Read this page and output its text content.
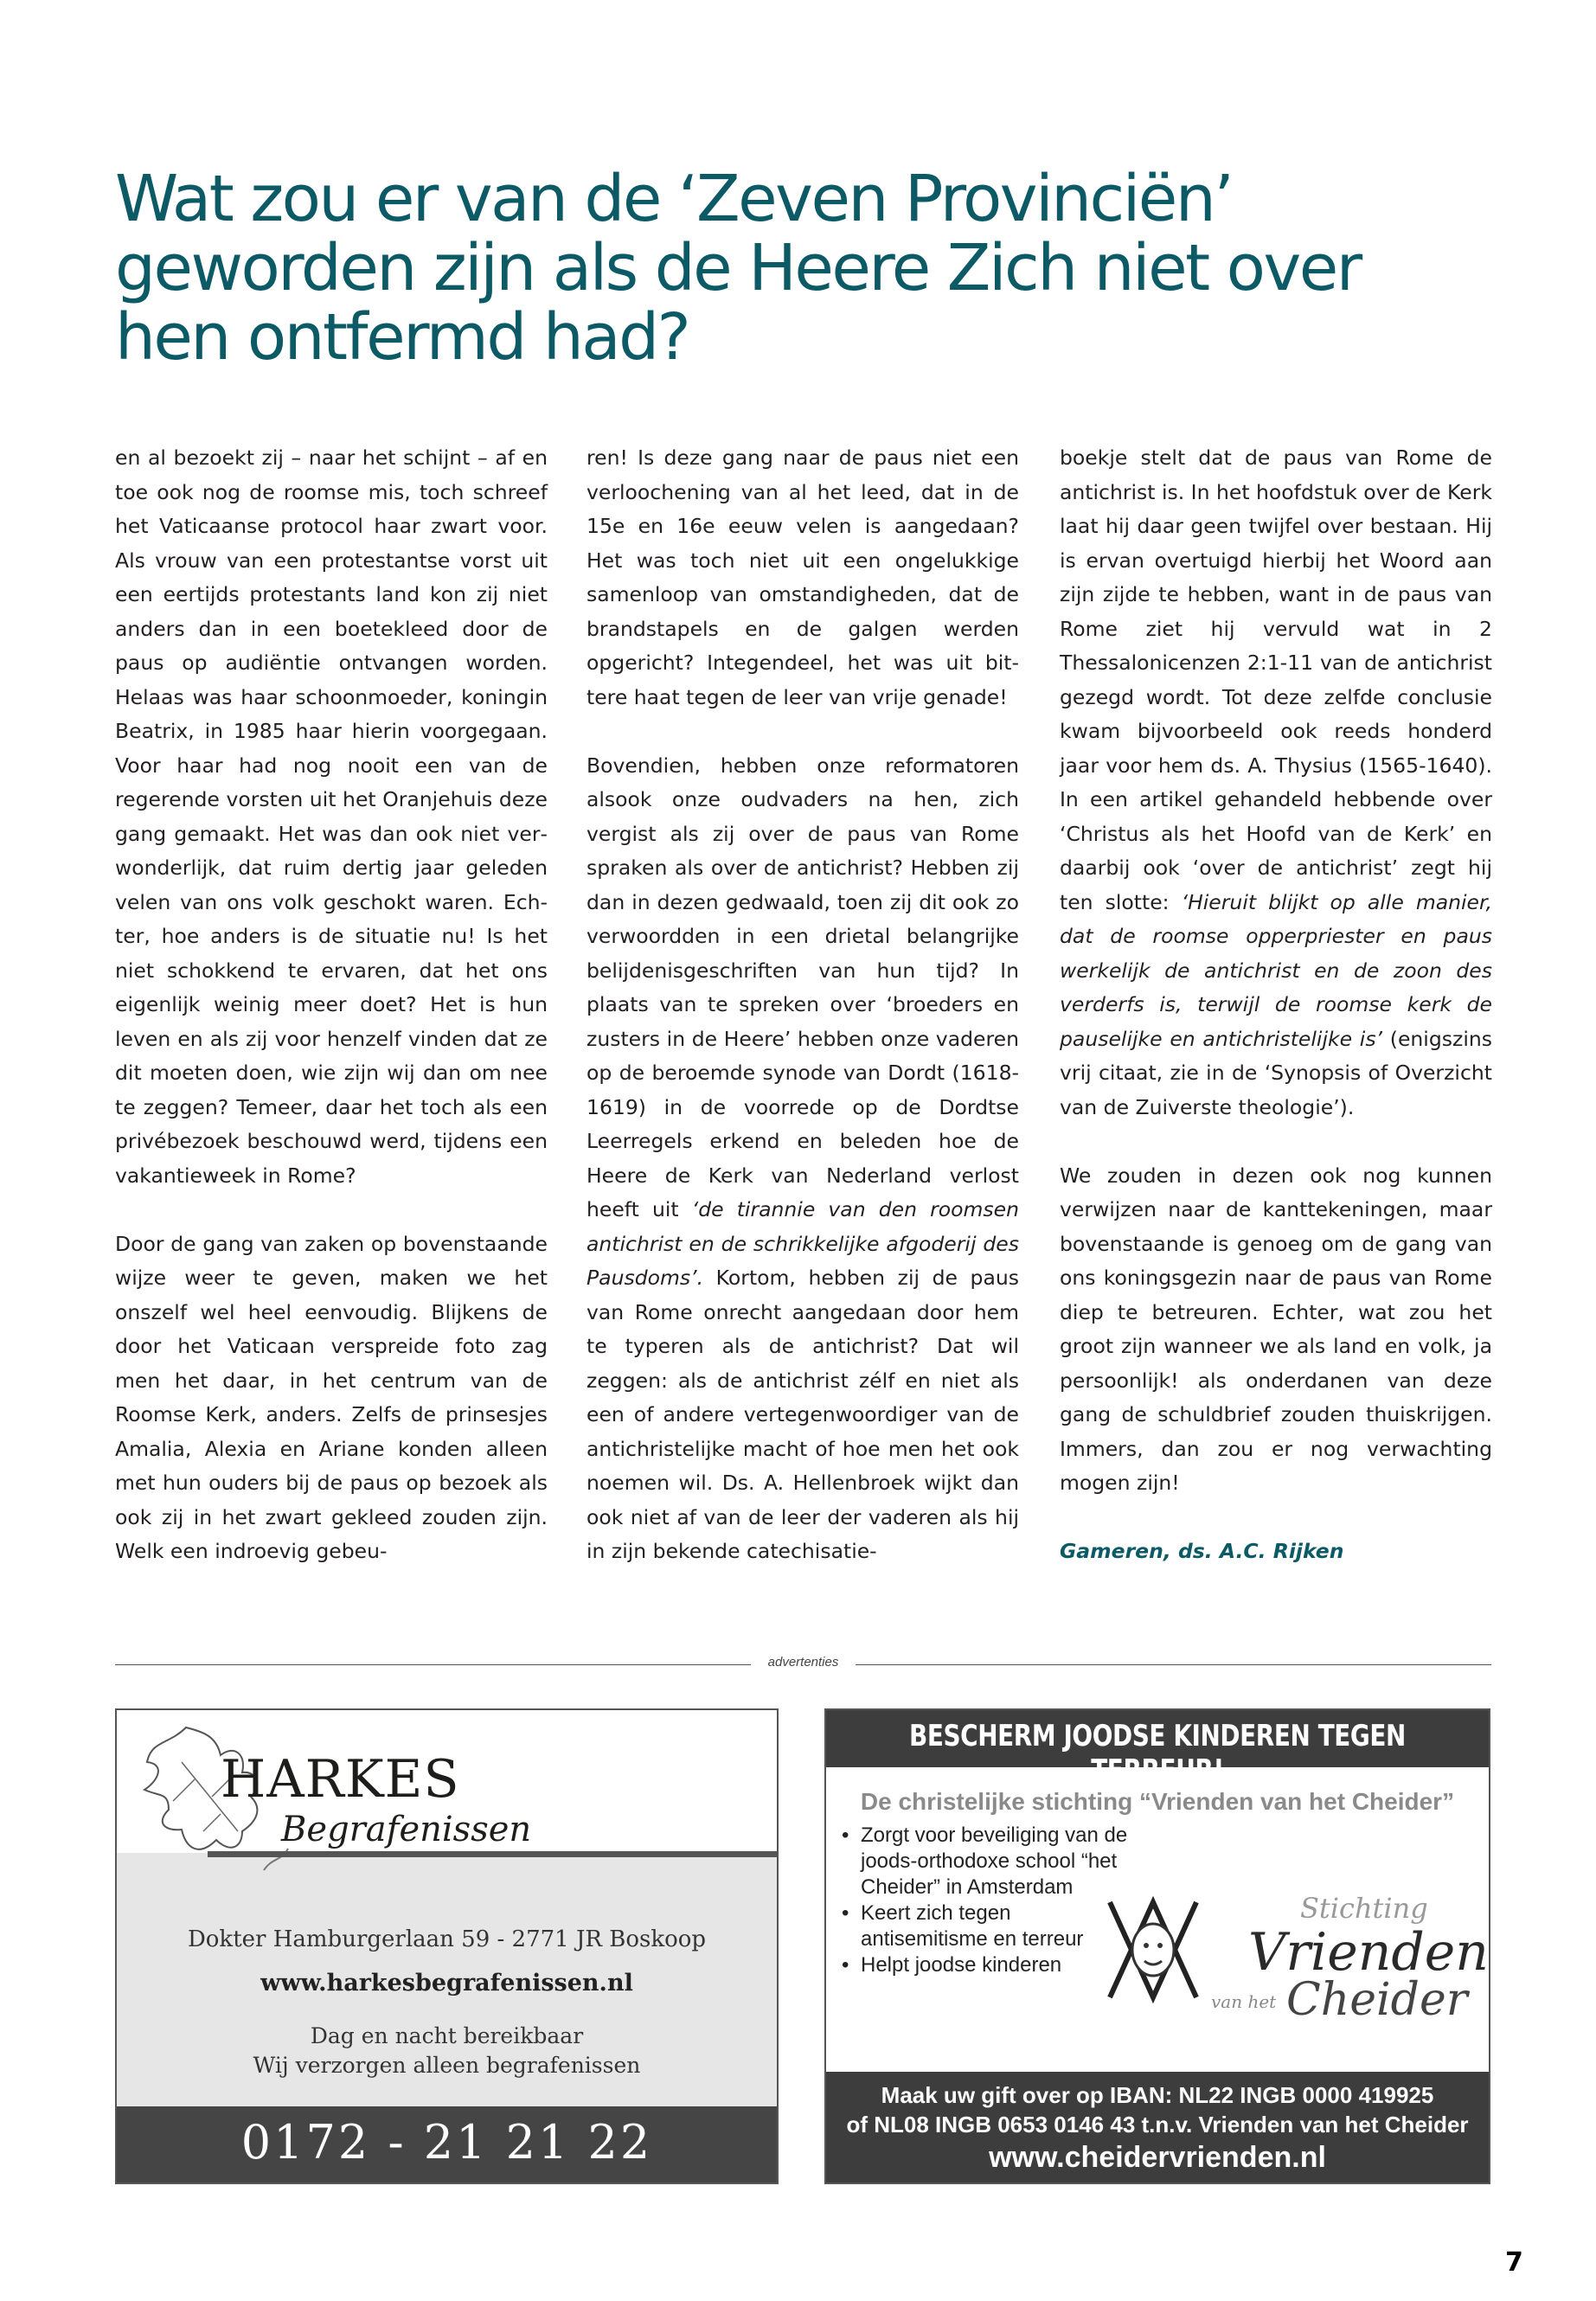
Wat zou er van de ‘Zeven Provinciën’
geworden zijn als de Heere Zich niet over
hen ontfermd had?

en al bezoekt zij – naar het schijnt – af en toe ook nog de roomse mis, toch schreef het Vaticaanse protocol haar zwart voor. Als vrouw van een protestantse vorst uit een eertijds protestants land kon zij niet anders dan in een boetekleed door de paus op audiëntie ontvangen worden. Helaas was haar schoonmoeder, koningin Beatrix, in 1985 haar hierin voorgegaan. Voor haar had nog nooit een van de regerende vorsten uit het Oranjehuis deze gang gemaakt. Het was dan ook niet verwonderlijk, dat ruim dertig jaar geleden velen van ons volk geschokt waren. Echter, hoe anders is de situatie nu! Is het niet schokkend te ervaren, dat het ons eigenlijk weinig meer doet? Het is hun leven en als zij voor henzelf vinden dat ze dit moeten doen, wie zijn wij dan om nee te zeggen? Temeer, daar het toch als een privébezoek beschouwd werd, tijdens een vakantieweek in Rome?

Door de gang van zaken op bovenstaande wijze weer te geven, maken we het onszelf wel heel eenvoudig. Blijkens de door het Vaticaan verspreide foto zag men het daar, in het centrum van de Roomse Kerk, anders. Zelfs de prinsesjes Amalia, Alexia en Ariane konden alleen met hun ouders bij de paus op bezoek als ook zij in het zwart gekleed zouden zijn. Welk een indroevig gebeu-

ren! Is deze gang naar de paus niet een verloochening van al het leed, dat in de 15e en 16e eeuw velen is aangedaan? Het was toch niet uit een ongelukkige samenloop van omstandigheden, dat de brandstapels en de galgen werden opgericht? Integendeel, het was uit bittere haat tegen de leer van vrije genade!

Bovendien, hebben onze reformatoren alsook onze oudvaders na hen, zich vergist als zij over de paus van Rome spraken als over de antichrist? Hebben zij dan in dezen gedwaald, toen zij dit ook zo verwoordden in een drietal belangrijke belijdenisgeschriften van hun tijd? In plaats van te spreken over ‘broeders en zusters in de Heere’ hebben onze vaderen op de beroemde synode van Dordt (1618-1619) in de voorrede op de Dordtse Leerregels erkend en beleden hoe de Heere de Kerk van Nederland verlost heeft uit ‘de tirannie van den roomsen antichrist en de schrikkelijke afgoderij des Pausdoms’. Kortom, hebben zij de paus van Rome onrecht aangedaan door hem te typeren als de antichrist? Dat wil zeggen: als de antichrist zélf en niet als een of andere vertegenwoordiger van de antichristelijke macht of hoe men het ook noemen wil. Ds. A. Hellenbroek wijkt dan ook niet af van de leer der vaderen als hij in zijn bekende catechisatie-

boekje stelt dat de paus van Rome de antichrist is. In het hoofdstuk over de Kerk laat hij daar geen twijfel over bestaan. Hij is ervan overtuigd hierbij het Woord aan zijn zijde te hebben, want in de paus van Rome ziet hij vervuld wat in 2 Thessalonicenzen 2:1-11 van de antichrist gezegd wordt. Tot deze zelfde conclusie kwam bijvoorbeeld ook reeds honderd jaar voor hem ds. A. Thysius (1565-1640). In een artikel gehandeld hebbende over ‘Christus als het Hoofd van de Kerk’ en daarbij ook ‘over de antichrist’ zegt hij ten slotte: ‘Hieruit blijkt op alle manier, dat de roomse opperpriester en paus werkelijk de antichrist en de zoon des verderfs is, terwijl de roomse kerk de pauselijke en antichristelijke is’ (enigszins vrij citaat, zie in de ‘Synopsis of Overzicht van de Zuiverste theologie’).

We zouden in dezen ook nog kunnen verwijzen naar de kanttekeningen, maar bovenstaande is genoeg om de gang van ons koningsgezin naar de paus van Rome diep te betreuren. Echter, wat zou het groot zijn wanneer we als land en volk, ja persoonlijk! als onderdanen van deze gang de schuldbrief zouden thuiskrijgen. Immers, dan zou er nog verwachting mogen zijn!

Gameren, ds. A.C. Rijken

advertenties
HARKES
Begrafenissen
Dokter Hamburgerlaan 59 - 2771 JR Boskoop
www.harkesbegrafenissen.nl
Dag en nacht bereikbaar
Wij verzorgen alleen begrafenissen
0172 - 21 21 22
BESCHERM JOODSE KINDEREN TEGEN TERREUR!
De christelijke stichting “Vrienden van het Cheider”
• Zorgt voor beveiliging van de joods-orthodoxe school “het Cheider” in Amsterdam
• Keert zich tegen antisemitisme en terreur
• Helpt joodse kinderen
Stichting
Vrienden
van het Cheider
Maak uw gift over op IBAN: NL22 INGB 0000 419925
of NL08 INGB 0653 0146 43 t.n.v. Vrienden van het Cheider
www.cheidervrienden.nl
7
